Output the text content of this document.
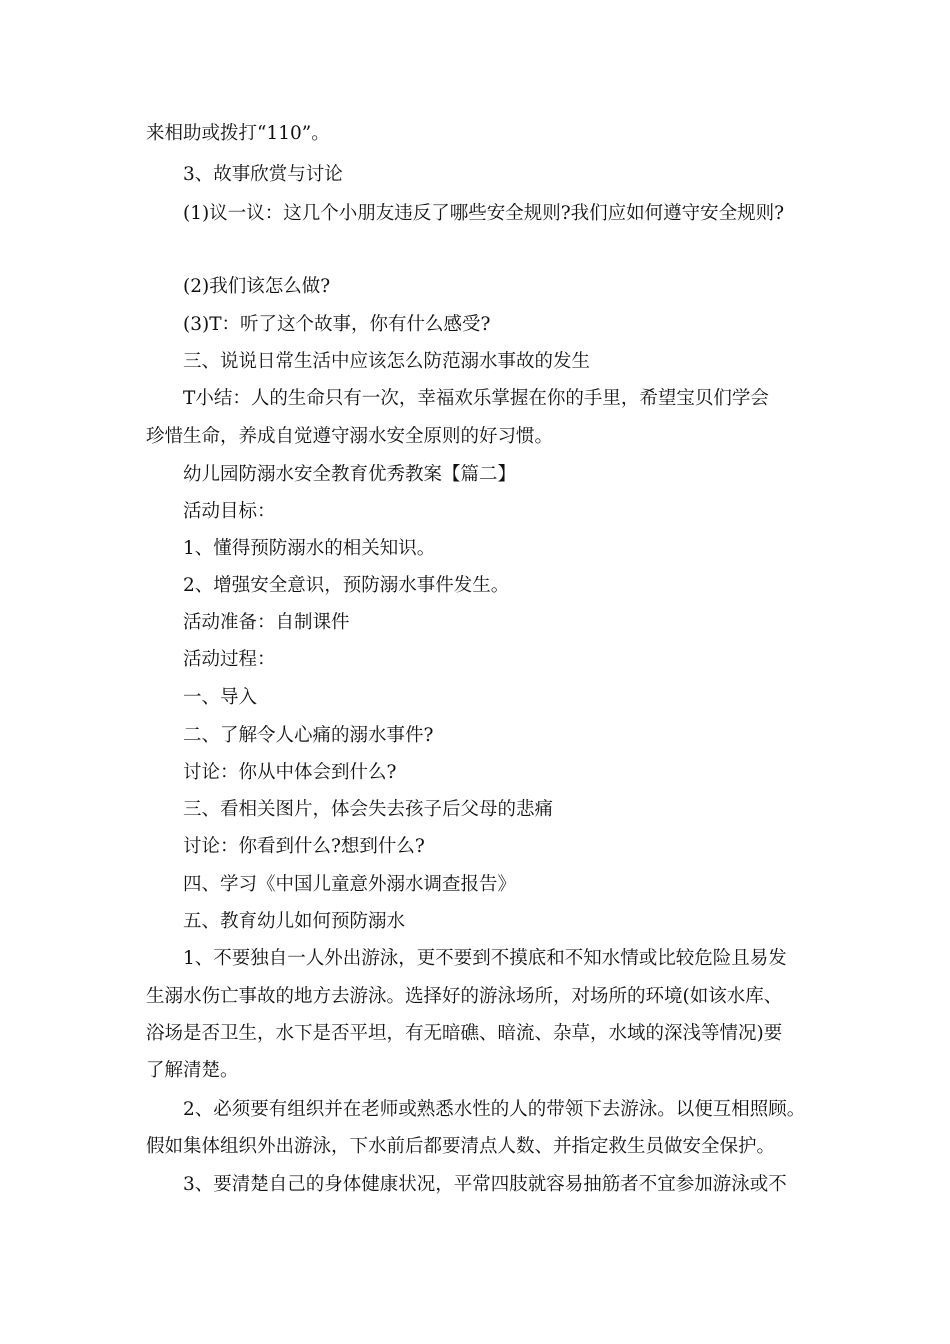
来相助或拨打“110”。
3、故事欣赏与讨论
(1)议一议：这几个小朋友违反了哪些安全规则?我们应如何遵守安全规则?
(2)我们该怎么做?
(3)T：听了这个故事，你有什么感受?
三、说说日常生活中应该怎么防范溺水事故的发生
T小结：人的生命只有一次，幸福欢乐掌握在你的手里，希望宝贝们学会
珍惜生命，养成自觉遵守溺水安全原则的好习惯。
幼儿园防溺水安全教育优秀教案【篇二】
活动目标：
1、懂得预防溺水的相关知识。
2、增强安全意识，预防溺水事件发生。
活动准备：自制课件
活动过程：
一、导入
二、了解令人心痛的溺水事件?
讨论：你从中体会到什么?
三、看相关图片，体会失去孩子后父母的悲痛
讨论：你看到什么?想到什么?
四、学习《中国儿童意外溺水调查报告》
五、教育幼儿如何预防溺水
1、不要独自一人外出游泳，更不要到不摸底和不知水情或比较危险且易发
生溺水伤亡事故的地方去游泳。选择好的游泳场所，对场所的环境(如该水库、
浴场是否卫生，水下是否平坦，有无暗礁、暗流、杂草，水域的深浅等情况)要
了解清楚。
2、必须要有组织并在老师或熟悉水性的人的带领下去游泳。以便互相照顾。
假如集体组织外出游泳，下水前后都要清点人数、并指定救生员做安全保护。
3、要清楚自己的身体健康状况，平常四肢就容易抽筋者不宜参加游泳或不
